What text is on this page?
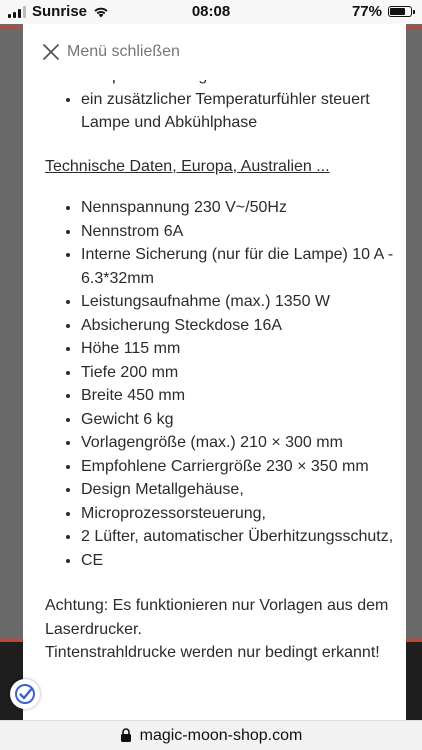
Sunrise	08:08	77%
•
• ein zusätzlicher Temperaturfühler steuert Lampe und Abkühlphase
Technische Daten, Europa, Australien ...
• Nennspannung 230 V~/50Hz
• Nennstrom 6A
• Interne Sicherung (nur für die Lampe) 10 A - 6.3*32mm
• Leistungsaufnahme (max.) 1350 W
• Absicherung Steckdose 16A
• Höhe 115 mm
• Tiefe 200 mm
• Breite 450 mm
• Gewicht 6 kg
• Vorlagengröße (max.) 210 × 300 mm
• Empfohlene Carriergröße 230 × 350 mm
• Design Metallgehäuse,
• Microprozessorsteuerung,
• 2 Lüfter, automatischer Überhitzungsschutz,
• CE

Achtung: Es funktionieren nur Vorlagen aus dem Laserdrucker.

Tintenstrahldrucke werden nur bedingt erkannt!

Menü schließen
magic-moon-shop.com
